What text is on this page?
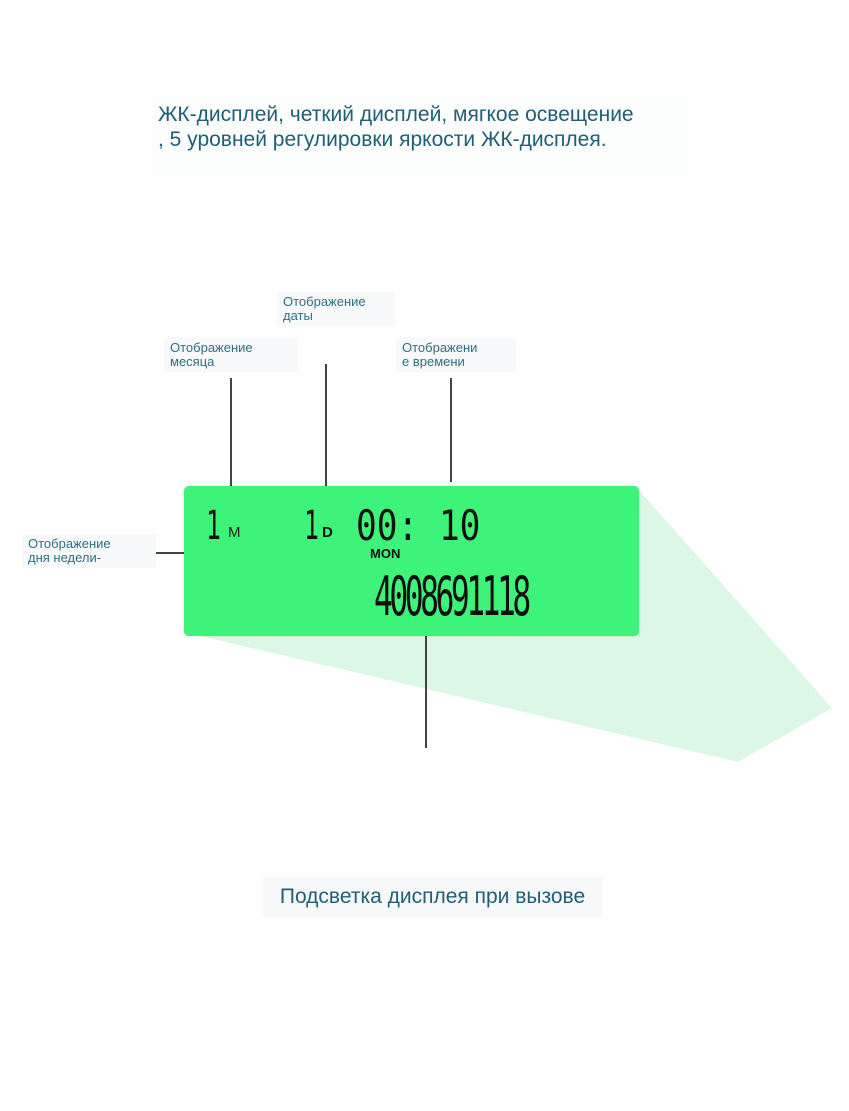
ЖК-дисплей, четкий дисплей, мягкое освещение
, 5 уровней регулировки яркости ЖК-дисплея.
Отображение
даты
Отображение
месяца
Отображени
е времени
Отображение
дня недели-
1 M 1 D 00: 10
MON
4008691118
Подсветка дисплея при вызове
